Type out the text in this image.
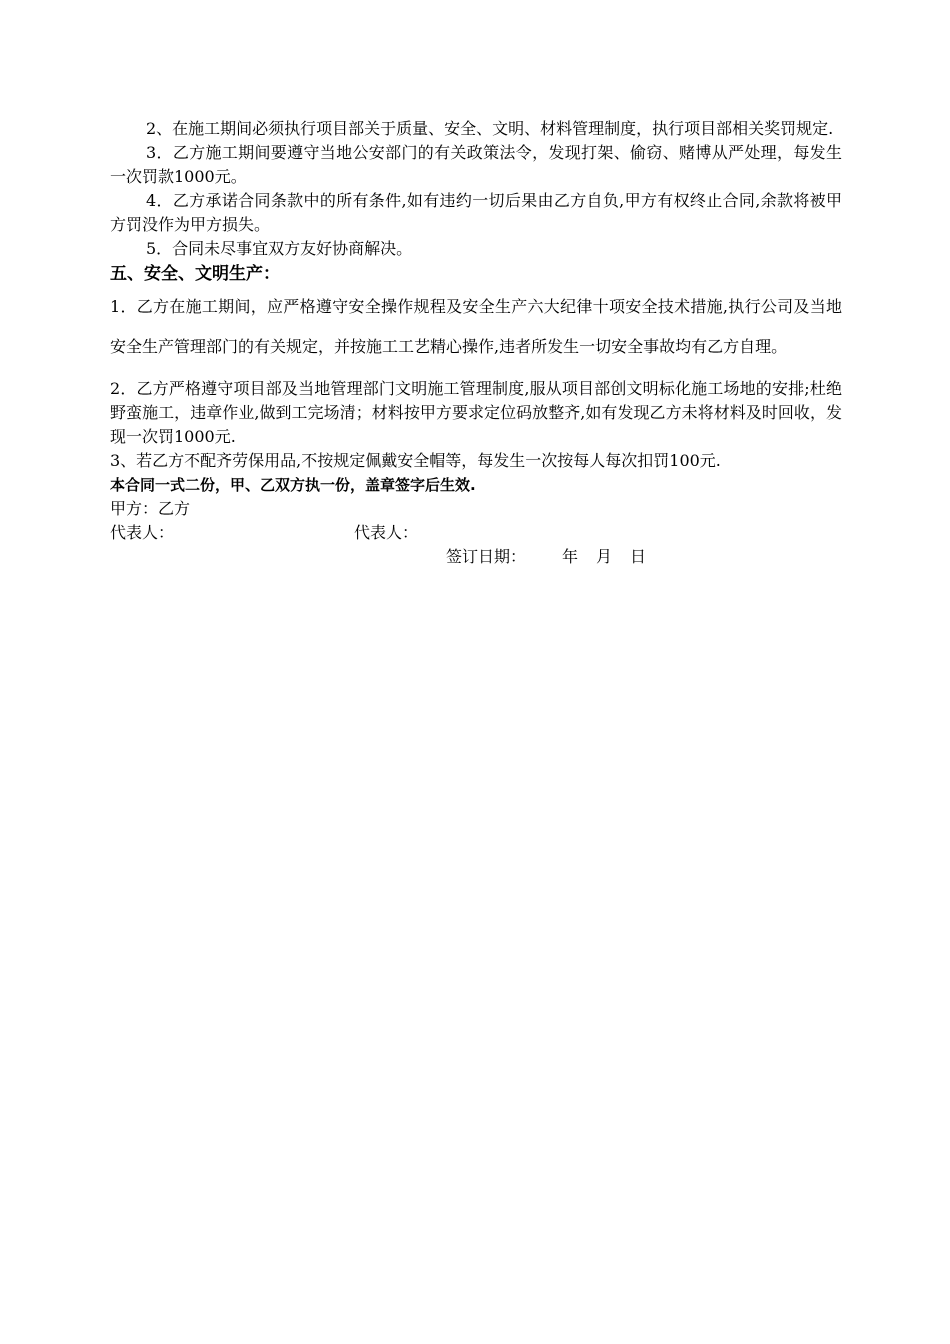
2、在施工期间必须执行项目部关于质量、安全、文明、材料管理制度，执行项目部相关奖罚规定.

3．乙方施工期间要遵守当地公安部门的有关政策法令，发现打架、偷窃、赌博从严处理，每发生一次罚款1000元。

4．乙方承诺合同条款中的所有条件,如有违约一切后果由乙方自负,甲方有权终止合同,余款将被甲方罚没作为甲方损失。

5．合同未尽事宜双方友好协商解决。

五、安全、文明生产：

1．乙方在施工期间，应严格遵守安全操作规程及安全生产六大纪律十项安全技术措施,执行公司及当地安全生产管理部门的有关规定，并按施工工艺精心操作,违者所发生一切安全事故均有乙方自理。

2．乙方严格遵守项目部及当地管理部门文明施工管理制度,服从项目部创文明标化施工场地的安排;杜绝野蛮施工，违章作业,做到工完场清；材料按甲方要求定位码放整齐,如有发现乙方未将材料及时回收，发现一次罚1000元.

3、若乙方不配齐劳保用品,不按规定佩戴安全帽等，每发生一次按每人每次扣罚100元.

本合同一式二份，甲、乙双方执一份，盖章签字后生效.

甲方：乙方

代表人：	代表人：
签订日期： 年 月 日
